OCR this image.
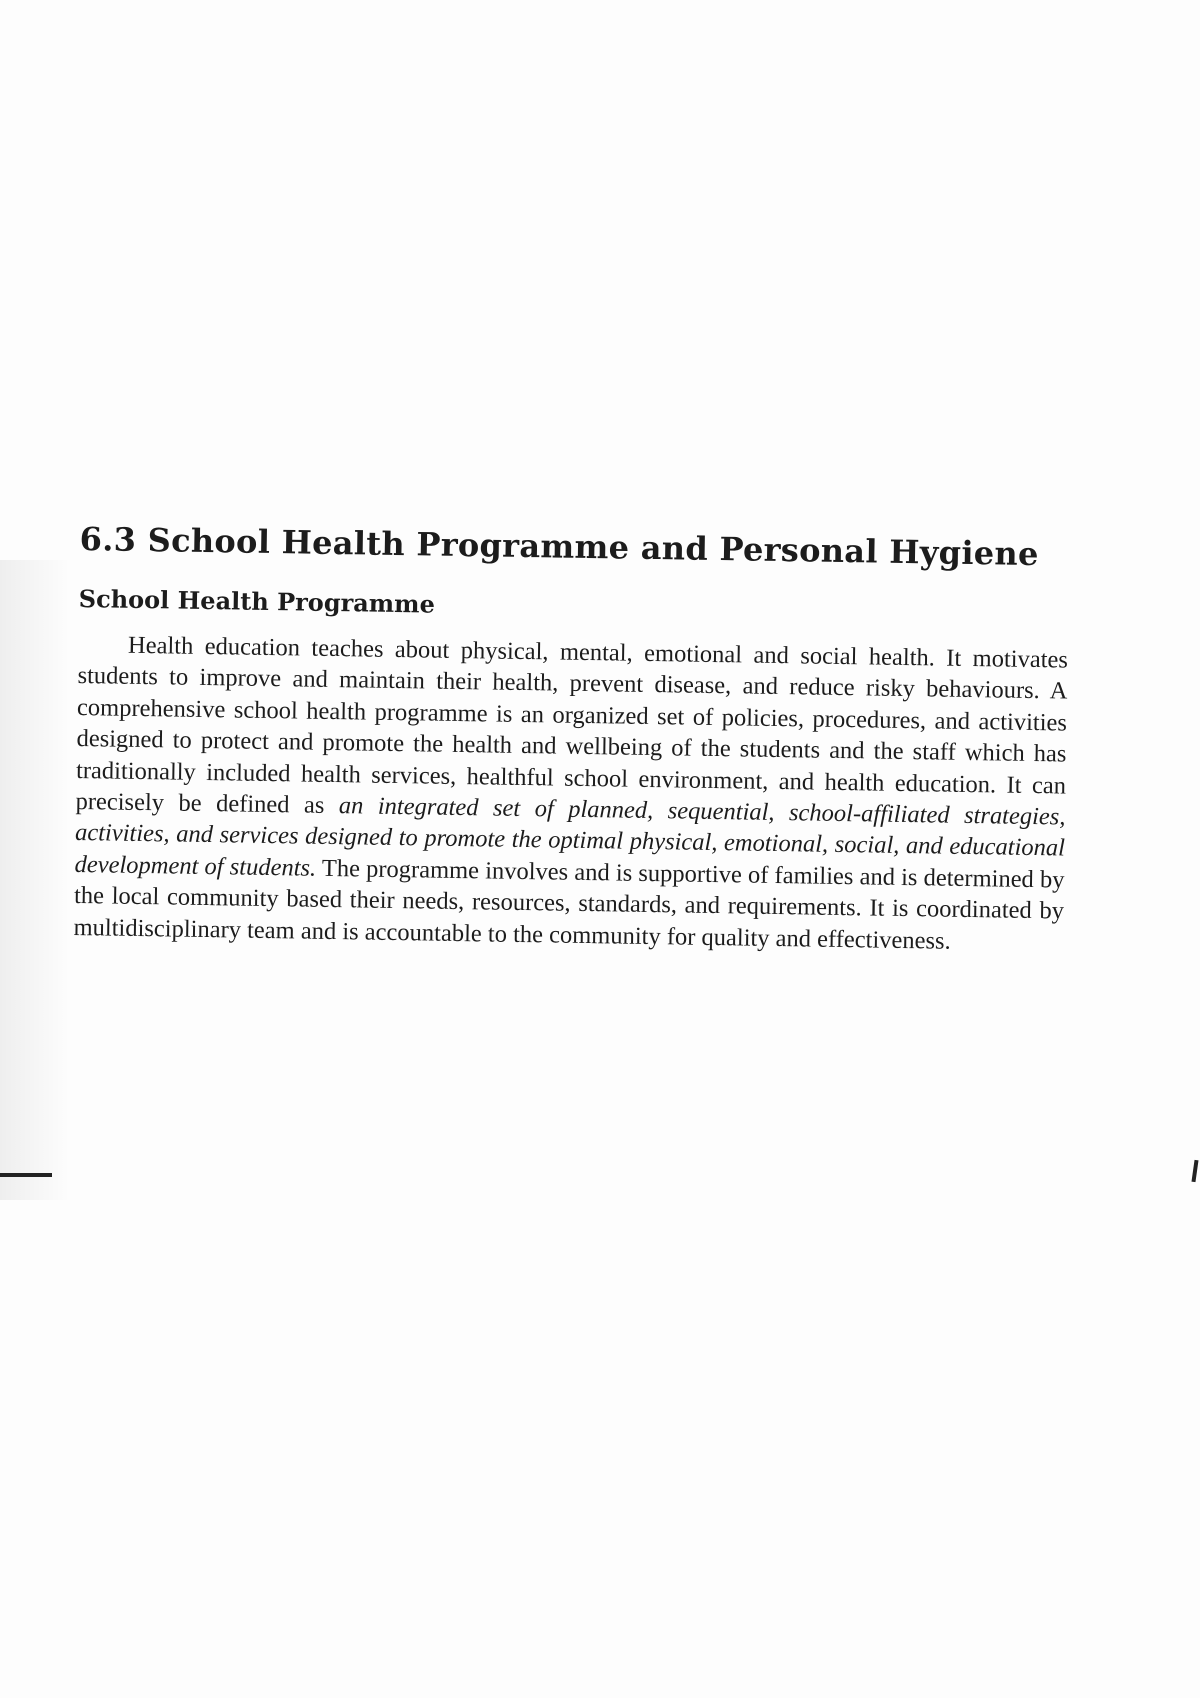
6.3 School Health Programme and Personal Hygiene
School Health Programme

Health education teaches about physical, mental, emotional and social health. It motivates students to improve and maintain their health, prevent disease, and reduce risky behaviours. A comprehensive school health programme is an organized set of policies, procedures, and activities designed to protect and promote the health and wellbeing of the students and the staff which has traditionally included health services, healthful school environment, and health education. It can precisely be defined as an integrated set of planned, sequential, school-affiliated strategies, activities, and services designed to promote the optimal physical, emotional, social, and educational development of students. The programme involves and is supportive of families and is determined by the local community based their needs, resources, standards, and requirements. It is coordinated by multidisciplinary team and is accountable to the community for quality and effectiveness.
